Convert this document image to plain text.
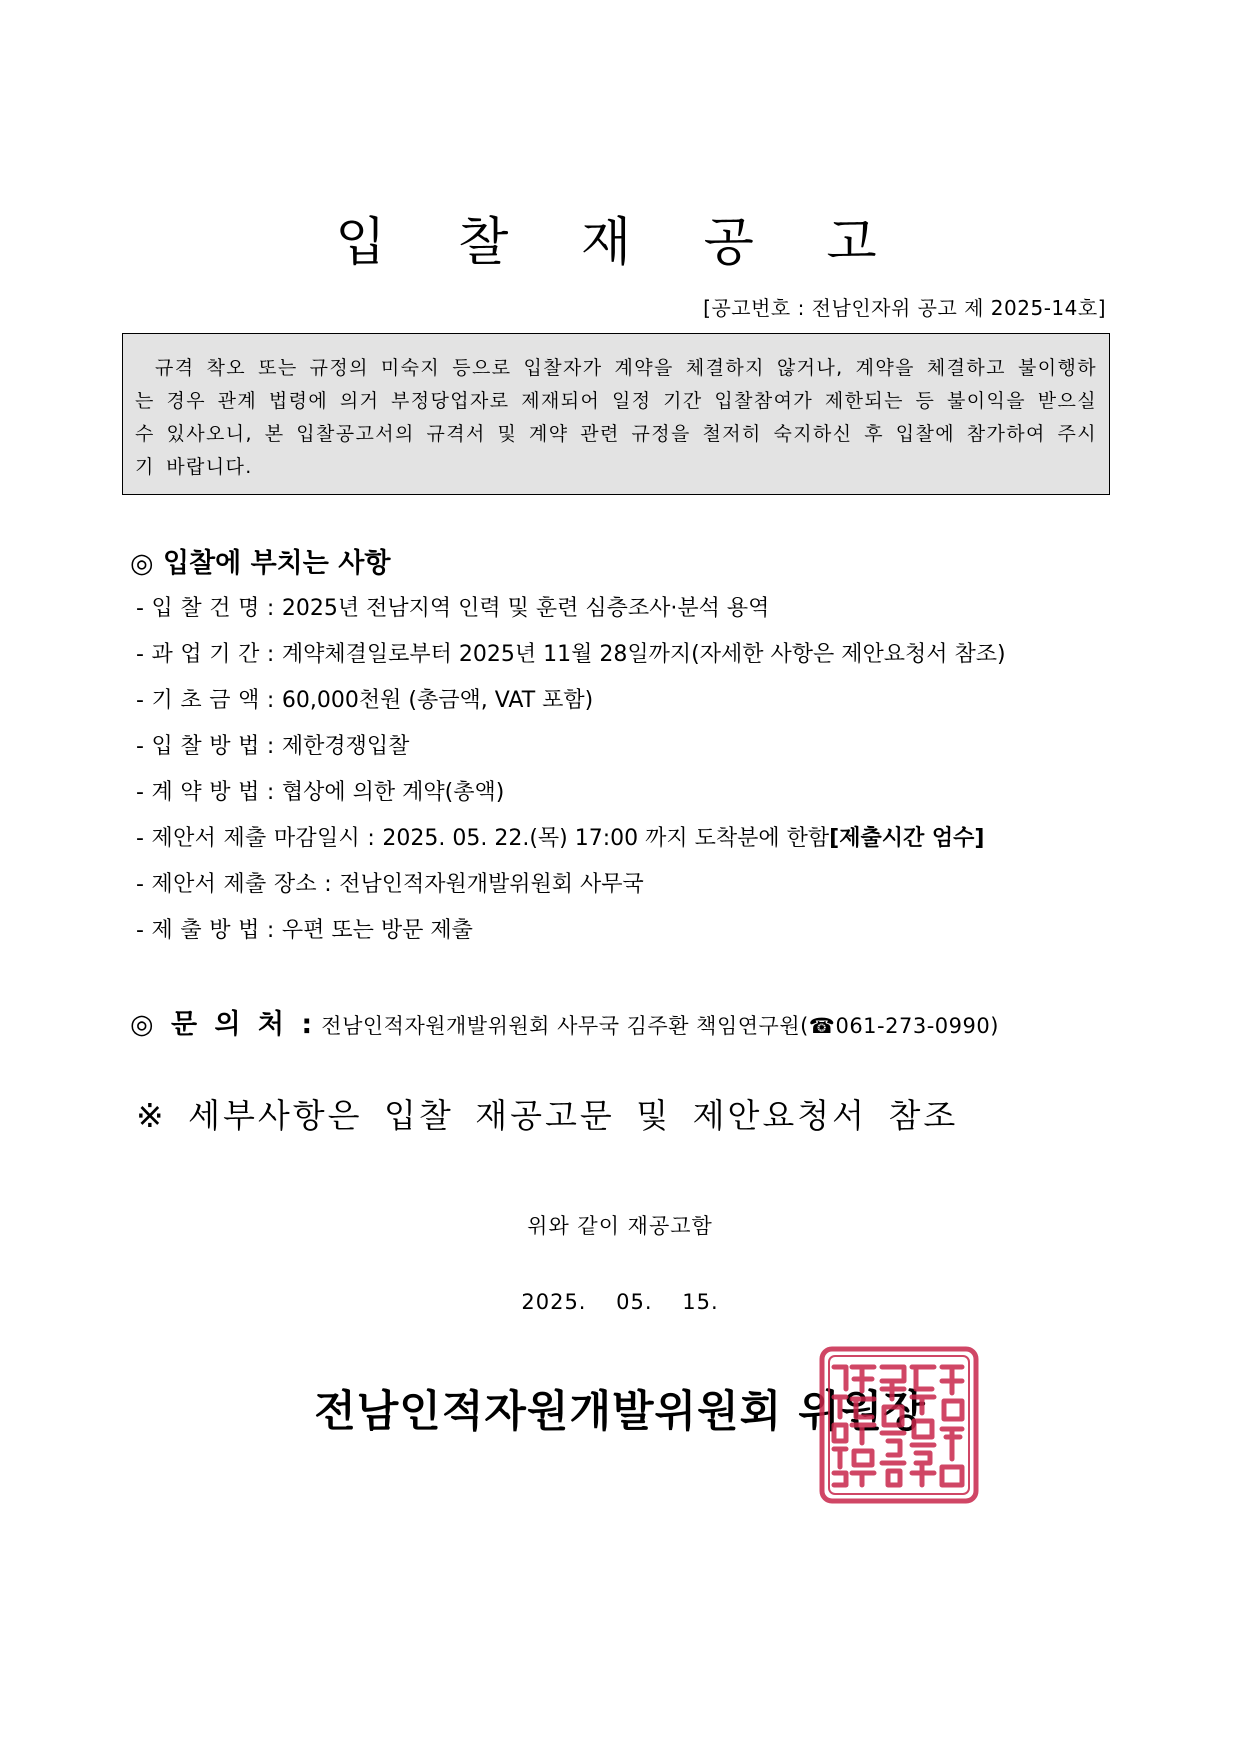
입 찰 재 공 고
[공고번호 : 전남인자위 공고 제 2025-14호]
규격 착오 또는 규정의 미숙지 등으로 입찰자가 계약을 체결하지 않거나, 계약을 체결하고 불이행하는 경우 관계 법령에 의거 부정당업자로 제재되어 일정 기간 입찰참여가 제한되는 등 불이익을 받으실 수 있사오니, 본 입찰공고서의 규격서 및 계약 관련 규정을 철저히 숙지하신 후 입찰에 참가하여 주시기 바랍니다.
◎ 입찰에 부치는 사항
- 입 찰 건 명 : 2025년 전남지역 인력 및 훈련 심층조사·분석 용역
- 과 업 기 간 : 계약체결일로부터 2025년 11월 28일까지(자세한 사항은 제안요청서 참조)
- 기 초 금 액 : 60,000천원 (총금액, VAT 포함)
- 입 찰 방 법 : 제한경쟁입찰
- 계 약 방 법 : 협상에 의한 계약(총액)
- 제안서 제출 마감일시 : 2025. 05. 22.(목) 17:00 까지 도착분에 한함[제출시간 엄수]
- 제안서 제출 장소 : 전남인적자원개발위원회 사무국
- 제 출 방 법 : 우편 또는 방문 제출
◎ 문 의 처 : 전남인적자원개발위원회 사무국 김주환 책임연구원(☎061-273-0990)
※ 세부사항은 입찰 재공고문 및 제안요청서 참조
위와 같이 재공고함
2025. 05. 15.
전남인적자원개발위원회 위원장
